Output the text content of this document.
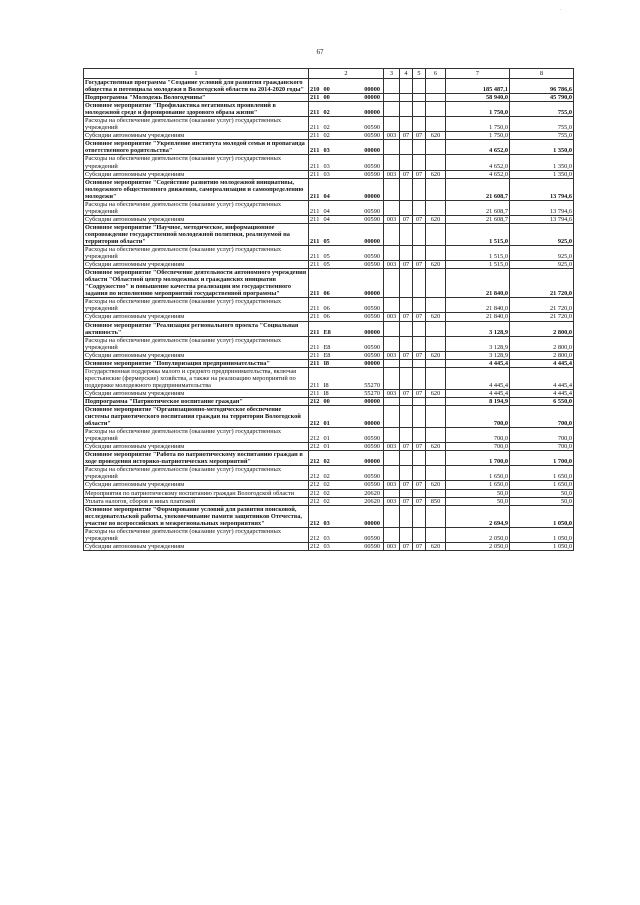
67
1	2	3	4	5	6	7	8
Государственная программа "Создание условий для развития гражданского общества и потенциала молодежи в Вологодской области на 2014-2020 годы"	210 00 00000					185 487,1	96 786,6
Подпрограмма "Молодежь Вологодчины"	211 00 00000					58 940,0	45 790,0
Основное мероприятие "Профилактика негативных проявлений в молодежной среде и формирование здорового образа жизни"	211 02 00000					1 750,0	755,0
Расходы на обеспечение деятельности (оказание услуг) государственных учреждений	211 02 00590					1 750,0	755,0
Субсидии автономным учреждениям	211 02 00590	003	07	07	620	1 750,0	755,0
Основное мероприятие "Укрепление института молодой семьи и пропаганда ответственного родительства"	211 03 00000					4 652,0	1 350,0
Расходы на обеспечение деятельности (оказание услуг) государственных учреждений	211 03 00590					4 652,0	1 350,0
Субсидии автономным учреждениям	211 03 00590	003	07	07	620	4 652,0	1 350,0
Основное мероприятие "Содействие развитию молодежной инициативы, молодежного общественного движения, самореализации и самоопределению молодежи"	211 04 00000					21 608,7	13 794,6
Расходы на обеспечение деятельности (оказание услуг) государственных учреждений	211 04 00590					21 608,7	13 794,6
Субсидии автономным учреждениям	211 04 00590	003	07	07	620	21 608,7	13 794,6
Основное мероприятие "Научное, методическое, информационное сопровождение государственной молодежной политики, реализуемой на территории области"	211 05 00000					1 515,0	925,0
Расходы на обеспечение деятельности (оказание услуг) государственных учреждений	211 05 00590					1 515,0	925,0
Субсидии автономным учреждениям	211 05 00590	003	07	07	620	1 515,0	925,0
Основное мероприятие "Обеспечение деятельности автономного учреждения области "Областной центр молодежных и гражданских инициатив "Содружество" и повышение качества реализации им государственного задания по исполнению мероприятий государственной программы"	211 06 00000					21 840,0	21 720,0
Расходы на обеспечение деятельности (оказание услуг) государственных учреждений	211 06 00590					21 840,0	21 720,0
Субсидии автономным учреждениям	211 06 00590	003	07	07	620	21 840,0	21 720,0
Основное мероприятие "Реализация регионального проекта "Социальная активность"	211 E8 00000					3 128,9	2 800,0
Расходы на обеспечение деятельности (оказание услуг) государственных учреждений	211 E8 00590					3 128,9	2 800,0
Субсидии автономным учреждениям	211 E8 00590	003	07	07	620	3 128,9	2 800,0
Основное мероприятие "Популяризация предпринимательства"	211 I8 00000					4 445,4	4 445,4
Государственная поддержка малого и среднего предпринимательства, включая крестьянские (фермерские) хозяйства, а также на реализацию мероприятий по поддержке молодежного предпринимательства	211 I8 55270					4 445,4	4 445,4
Субсидии автономным учреждениям	211 I8 55270	003	07	07	620	4 445,4	4 445,4
Подпрограмма "Патриотическое воспитание граждан"	212 00 00000					8 194,9	6 550,0
Основное мероприятие "Организационно-методическое обеспечение системы патриотического воспитания граждан на территории Вологодской области"	212 01 00000					700,0	700,0
Расходы на обеспечение деятельности (оказание услуг) государственных учреждений	212 01 00590					700,0	700,0
Субсидии автономным учреждениям	212 01 00590	003	07	07	620	700,0	700,0
Основное мероприятие "Работа по патриотическому воспитанию граждан в ходе проведения историко-патриотических мероприятий"	212 02 00000					1 700,0	1 700,0
Расходы на обеспечение деятельности (оказание услуг) государственных учреждений	212 02 00590					1 650,0	1 650,0
Субсидии автономным учреждениям	212 02 00590	003	07	07	620	1 650,0	1 650,0
Мероприятия по патриотическому воспитанию граждан Вологодской области	212 02 20620					50,0	50,0
Уплата налогов, сборов и иных платежей	212 02 20620	003	07	07	850	50,0	50,0
Основное мероприятие "Формирование условий для развития поисковой, исследовательской работы, увековечивание памяти защитников Отечества, участие во всероссийских и межрегиональных мероприятиях"	212 03 00000					2 694,9	1 050,0
Расходы на обеспечение деятельности (оказание услуг) государственных учреждений	212 03 00590					2 050,0	1 050,0
Субсидии автономным учреждениям	212 03 00590	003	07	07	620	2 050,0	1 050,0
·
